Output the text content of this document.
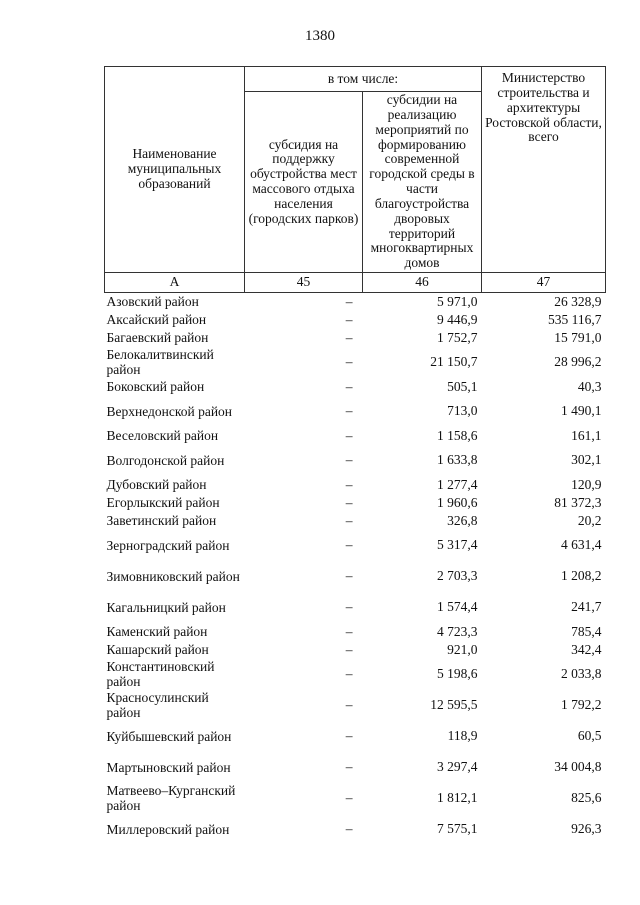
1380
Наименование муниципальных образований	в том числе:		Министерство строительства и архитектуры Ростовской области, всего
	субсидия на поддержку обустройства мест массового отдыха населения (городских парков)	субсидии на реализацию мероприятий по формированию современной городской среды в части благоустройства дворовых территорий многоквартирных домов	
А	45	46	47
Азовский район	–	5 971,0	26 328,9
Аксайский район	–	9 446,9	535 116,7
Багаевский район	–	1 752,7	15 791,0
Белокалитвинский район	–	21 150,7	28 996,2
Боковский район	–	505,1	40,3
Верхнедонской район	–	713,0	1 490,1
Веселовский район	–	1 158,6	161,1
Волгодонской район	–	1 633,8	302,1
Дубовский район	–	1 277,4	120,9
Егорлыкский район	–	1 960,6	81 372,3
Заветинский район	–	326,8	20,2
Зерноградский район	–	5 317,4	4 631,4
Зимовниковский район	–	2 703,3	1 208,2
Кагальницкий район	–	1 574,4	241,7
Каменский район	–	4 723,3	785,4
Кашарский район	–	921,0	342,4
Константиновский район	–	5 198,6	2 033,8
Красносулинский район	–	12 595,5	1 792,2
Куйбышевский район	–	118,9	60,5
Мартыновский район	–	3 297,4	34 004,8
Матвеево–Курганский район	–	1 812,1	825,6
Миллеровский район	–	7 575,1	926,3
